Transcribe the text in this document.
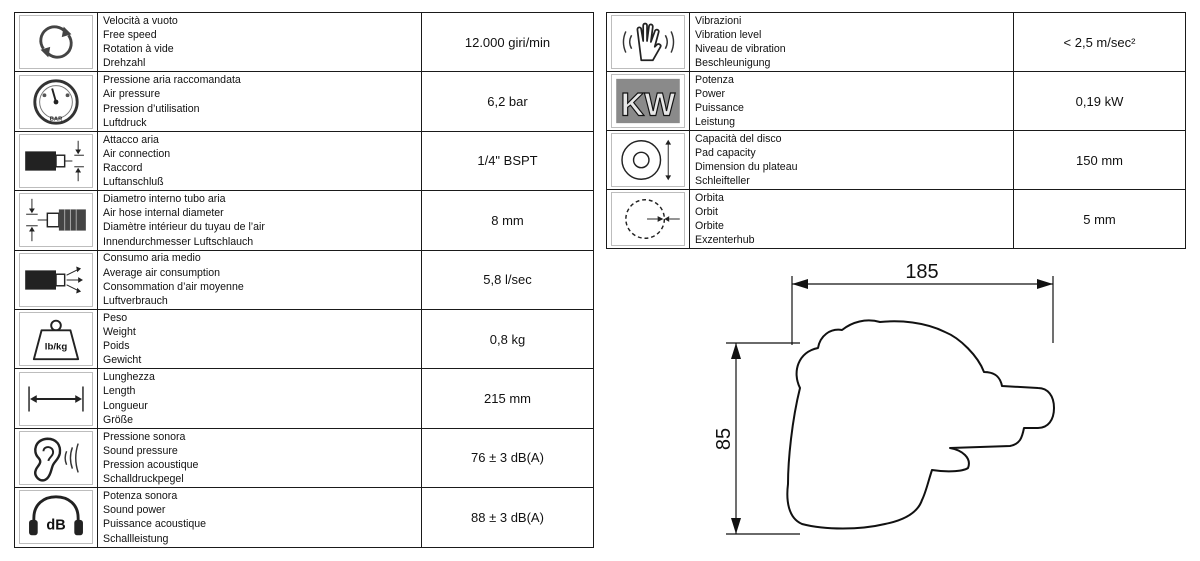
Velocità a vuoto
Free speed
Rotation à vide
Drehzahl	12.000 giri/min

BAR	Pressione aria raccomandata
Air pressure
Pression d’utilisation
Luftdruck	6,2 bar

Attacco aria
Air connection
Raccord
Luftanschluß	1/4" BSPT

Diametro interno tubo aria
Air hose internal diameter
Diamètre intérieur du tuyau de l’air
Innendurchmesser Luftschlauch	8 mm

Consumo aria medio
Average air consumption
Consommation d’air moyenne
Luftverbrauch	5,8 l/sec

lb/kg	Peso
Weight
Poids
Gewicht	0,8 kg

Lunghezza
Length
Longueur
Größe	215 mm

Pressione sonora
Sound pressure
Pression acoustique
Schalldruckpegel	76 ± 3 dB(A)

dB	Potenza sonora
Sound power
Puissance acoustique
Schallleistung	88 ± 3 dB(A)

Vibrazioni
Vibration level
Niveau de vibration
Beschleunigung	< 2,5 m/sec²

KW	Potenza
Power
Puissance
Leistung	0,19 kW

Capacità del disco
Pad capacity
Dimension du plateau
Schleifteller	150 mm

Orbita
Orbit
Orbite
Exzenterhub	5 mm
185
85
